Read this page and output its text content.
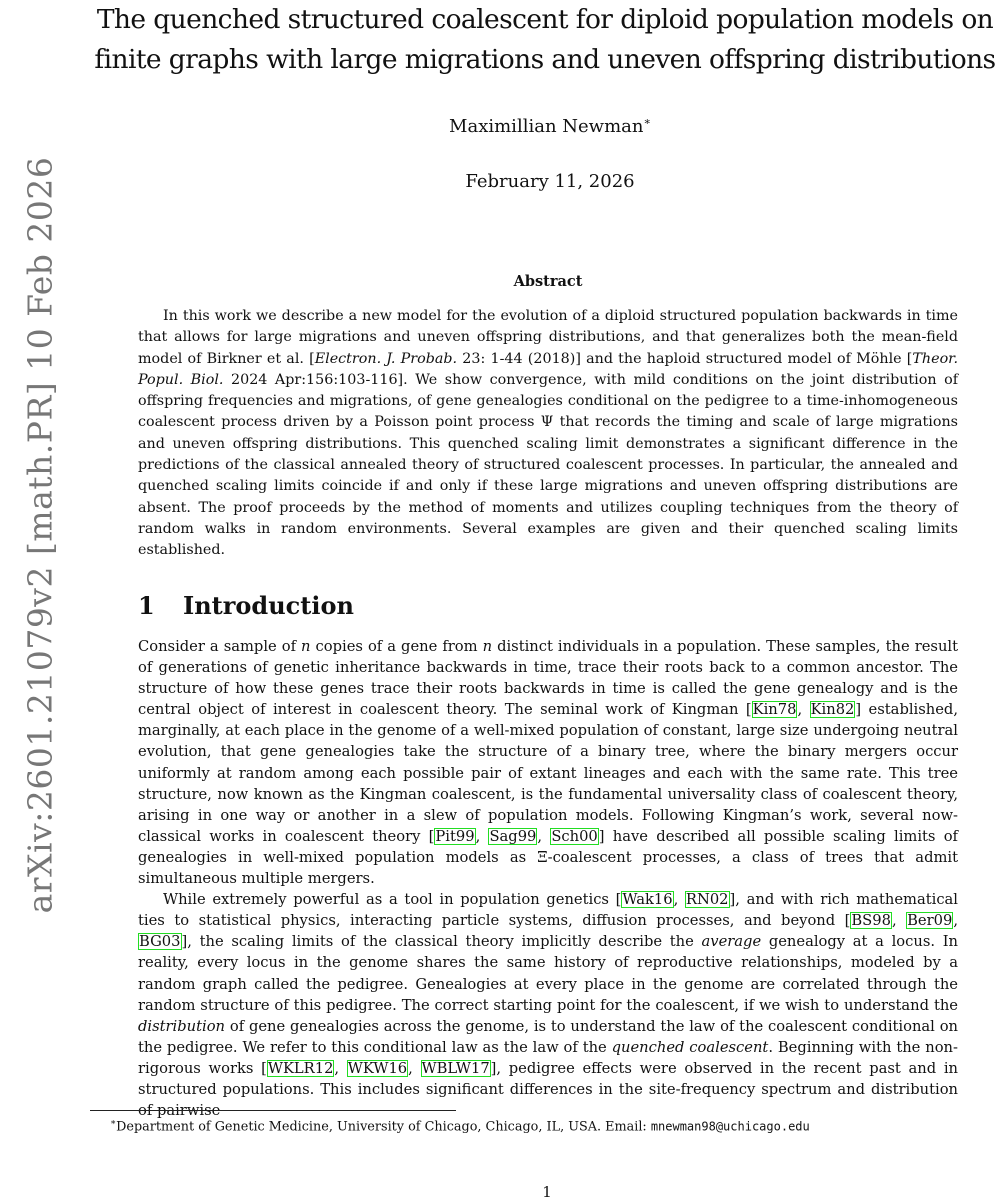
arXiv:2601.21079v2 [math.PR] 10 Feb 2026
The quenched structured coalescent for diploid population models on finite graphs with large migrations and uneven offspring distributions
Maximillian Newman∗
February 11, 2026
Abstract

In this work we describe a new model for the evolution of a diploid structured population backwards in time that allows for large migrations and uneven offspring distributions, and that generalizes both the mean-field model of Birkner et al. [Electron. J. Probab. 23: 1-44 (2018)] and the haploid structured model of Möhle [Theor. Popul. Biol. 2024 Apr:156:103-116]. We show convergence, with mild conditions on the joint distribution of offspring frequencies and migrations, of gene genealogies conditional on the pedigree to a time-inhomogeneous coalescent process driven by a Poisson point process Ψ that records the timing and scale of large migrations and uneven offspring distributions. This quenched scaling limit demonstrates a significant difference in the predictions of the classical annealed theory of structured coalescent processes. In particular, the annealed and quenched scaling limits coincide if and only if these large migrations and uneven offspring distributions are absent. The proof proceeds by the method of moments and utilizes coupling techniques from the theory of random walks in random environments. Several examples are given and their quenched scaling limits established.

1 Introduction

Consider a sample of n copies of a gene from n distinct individuals in a population. These samples, the result of generations of genetic inheritance backwards in time, trace their roots back to a common ancestor. The structure of how these genes trace their roots backwards in time is called the gene genealogy and is the central object of interest in coalescent theory. The seminal work of Kingman [Kin78, Kin82] established, marginally, at each place in the genome of a well-mixed population of constant, large size undergoing neutral evolution, that gene genealogies take the structure of a binary tree, where the binary mergers occur uniformly at random among each possible pair of extant lineages and each with the same rate. This tree structure, now known as the Kingman coalescent, is the fundamental universality class of coalescent theory, arising in one way or another in a slew of population models. Following Kingman’s work, several now-classical works in coalescent theory [Pit99, Sag99, Sch00] have described all possible scaling limits of genealogies in well-mixed population models as Ξ-coalescent processes, a class of trees that admit simultaneous multiple mergers.

While extremely powerful as a tool in population genetics [Wak16, RN02], and with rich mathematical ties to statistical physics, interacting particle systems, diffusion processes, and beyond [BS98, Ber09, BG03], the scaling limits of the classical theory implicitly describe the average genealogy at a locus. In reality, every locus in the genome shares the same history of reproductive relationships, modeled by a random graph called the pedigree. Genealogies at every place in the genome are correlated through the random structure of this pedigree. The correct starting point for the coalescent, if we wish to understand the distribution of gene genealogies across the genome, is to understand the law of the coalescent conditional on the pedigree. We refer to this conditional law as the law of the quenched coalescent. Beginning with the non-rigorous works [WKLR12, WKW16, WBLW17], pedigree effects were observed in the recent past and in structured populations. This includes significant differences in the site-frequency spectrum and distribution of pairwise

∗Department of Genetic Medicine, University of Chicago, Chicago, IL, USA. Email: mnewman98@uchicago.edu
1
